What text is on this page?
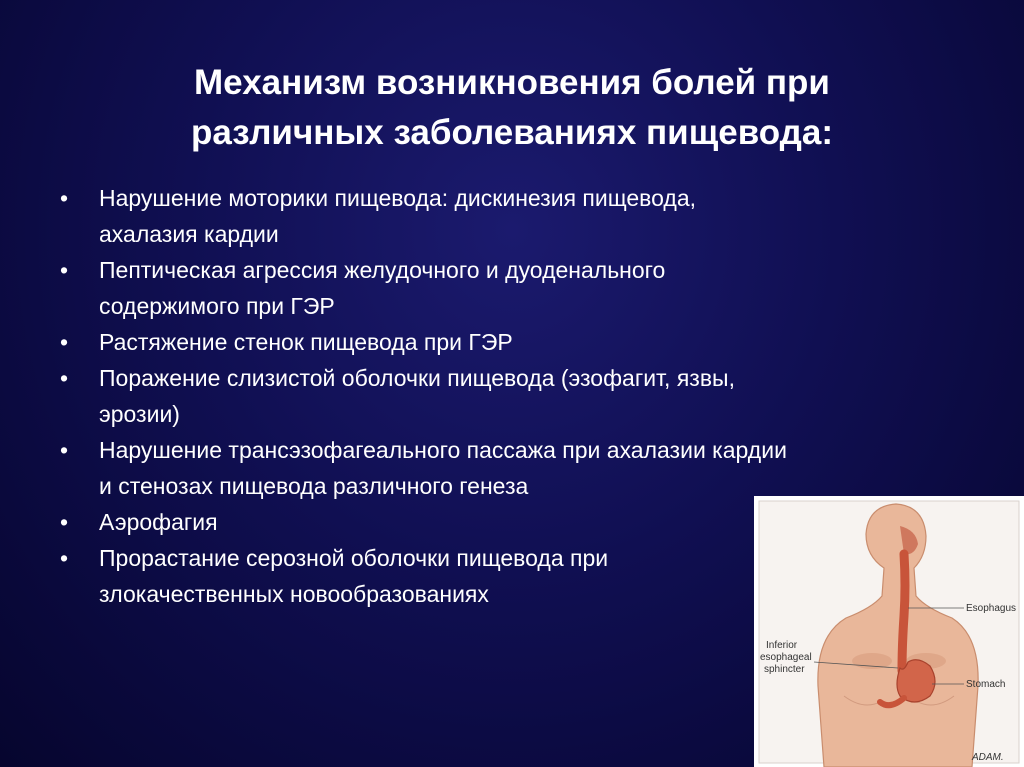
Механизм возникновения болей при
различных заболеваниях пищевода:
• Нарушение моторики пищевода: дискинезия пищевода,
ахалазия кардии
• Пептическая агрессия желудочного и дуоденального
содержимого при ГЭР
• Растяжение стенок пищевода при ГЭР
• Поражение слизистой оболочки пищевода (эзофагит, язвы,
эрозии)
• Нарушение трансэзофагеального пассажа при ахалазии кардии
и стенозах пищевода различного генеза
• Аэрофагия
• Прорастание серозной оболочки пищевода при
злокачественных новообразованиях
Esophagus
Inferior
esophageal
sphincter
Stomach
ADAM.
